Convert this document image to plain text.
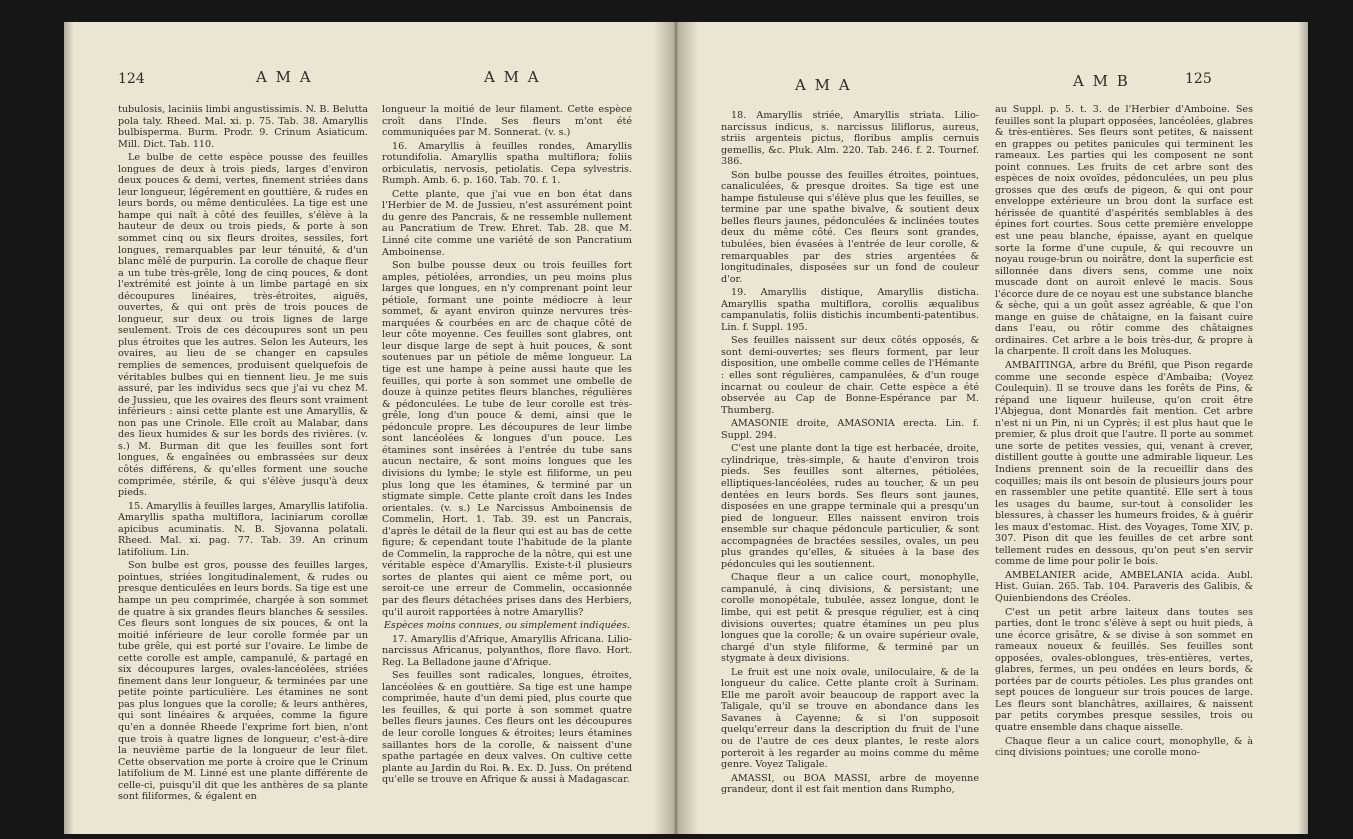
124	A M A	A M A

tubulosis, laciniis limbi angustissimis. N. B. Belutta pola taly. Rheed. Mal. xi. p. 75. Tab. 38. Amaryllis bulbisperma. Burm. Prodr. 9. Crinum Asiaticum. Mill. Dict. Tab. 110.

Le bulbe de cette espèce pousse des feuilles longues de deux à trois pieds, larges d'environ deux pouces & demi, vertes, finement striées dans leur longueur, légérement en gouttière, & rudes en leurs bords, ou même denticulées. La tige est une hampe qui naît à côté des feuilles, s'élève à la hauteur de deux ou trois pieds, & porte à son sommet cinq ou six fleurs droites, sessiles, fort longues, remarquables par leur ténuité, & d'un blanc mêlé de purpurin. La corolle de chaque fleur a un tube très-grêle, long de cinq pouces, & dont l'extrémité est jointe à un limbe partagé en six découpures linéaires, très-étroites, aiguës, ouvertes, & qui ont près de trois pouces de longueur, sur deux ou trois lignes de large seulement. Trois de ces découpures sont un peu plus étroites que les autres. Selon les Auteurs, les ovaires, au lieu de se changer en capsules remplies de semences, produisent quelquefois de véritables bulbes qui en tiennent lieu. Je me suis assuré, par les individus secs que j'ai vu chez M. de Jussieu, que les ovaires des fleurs sont vraiment inférieurs : ainsi cette plante est une Amaryllis, & non pas une Crinole. Elle croît au Malabar, dans des lieux humides & sur les bords des rivières. (v. s.) M. Burman dit que les feuilles sont fort longues, & engaînées ou embrassées sur deux côtés différens, & qu'elles forment une souche comprimée, stérile, & qui s'élève jusqu'à deux pieds.

15. Amaryllis à feuilles larges, Amaryllis latifolia. Amaryllis spatha multiflora, laciniarum corollæ apicibus acuminatis. N. B. Sjovanna polatali. Rheed. Mal. xi. pag. 77. Tab. 39. An crinum latifolium. Lin.

Son bulbe est gros, pousse des feuilles larges, pointues, striées longitudinalement, & rudes ou presque denticulées en leurs bords. Sa tige est une hampe un peu comprimée, chargée à son sommet de quatre à six grandes fleurs blanches & sessiles. Ces fleurs sont longues de six pouces, & ont la moitié inférieure de leur corolle formée par un tube grêle, qui est porté sur l'ovaire. Le limbe de cette corolle est ample, campanulé, & partagé en six découpures larges, ovales-lancéolées, striées finement dans leur longueur, & terminées par une petite pointe particulière. Les étamines ne sont pas plus longues que la corolle; & leurs anthères, qui sont linéaires & arquées, comme la figure qu'en a donnée Rheede l'exprime fort bien, n'ont que trois à quatre lignes de longueur, c'est-à-dire la neuvième partie de la longueur de leur filet. Cette observation me porte à croire que le Crinum latifolium de M. Linné est une plante différente de celle-ci, puisqu'il dit que les anthères de sa plante sont filiformes, & égalent en

longueur la moitié de leur filament. Cette espèce croît dans l'Inde. Ses fleurs m'ont été communiquées par M. Sonnerat. (v. s.)

16. Amaryllis à feuilles rondes, Amaryllis rotundifolia. Amaryllis spatha multiflora; foliis orbiculatis, nervosis, petiolatis. Cepa sylvestris. Rumph. Amb. 6. p. 160. Tab. 70. f. 1.

Cette plante, que j'ai vue en bon état dans l'Herbier de M. de Jussieu, n'est assurément point du genre des Pancrais, & ne ressemble nullement au Pancratium de Trew. Ehret. Tab. 28. que M. Linné cite comme une variété de son Pancratium Amboinense.

Son bulbe pousse deux ou trois feuilles fort amples, pétiolées, arrondies, un peu moins plus larges que longues, en n'y comprenant point leur pétiole, formant une pointe médiocre à leur sommet, & ayant environ quinze nervures très-marquées & courbées en arc de chaque côté de leur côte moyenne. Ces feuilles sont glabres, ont leur disque large de sept à huit pouces, & sont soutenues par un pétiole de même longueur. La tige est une hampe à peine aussi haute que les feuilles, qui porte à son sommet une ombelle de douze à quinze petites fleurs blanches, régulières & pédonculées. Le tube de leur corolle est très-grêle, long d'un pouce & demi, ainsi que le pédoncule propre. Les découpures de leur limbe sont lancéolées & longues d'un pouce. Les étamines sont insérées à l'entrée du tube sans aucun nectaire, & sont moins longues que les divisions du lymbe; le style est filiforme, un peu plus long que les étamines, & terminé par un stigmate simple. Cette plante croît dans les Indes orientales. (v. s.) Le Narcissus Amboinensis de Commelin, Hort. 1. Tab. 39. est un Pancrais, d'après le détail de la fleur qui est au bas de cette figure; & cependant toute l'habitude de la plante de Commelin, la rapproche de la nôtre, qui est une véritable espèce d'Amaryllis. Existe-t-il plusieurs sortes de plantes qui aient ce même port, ou seroit-ce une erreur de Commelin, occasionnée par des fleurs détachées prises dans des Herbiers, qu'il auroit rapportées à notre Amaryllis?

Espèces moins connues, ou simplement indiquées.

17. Amaryllis d'Afrique, Amaryllis Africana. Lilio-narcissus Africanus, polyanthos, flore flavo. Hort. Reg. La Belladone jaune d'Afrique.

Ses feuilles sont radicales, longues, étroites, lancéolées & en gouttière. Sa tige est une hampe comprimée, haute d'un demi pied, plus courte que les feuilles, & qui porte à son sommet quatre belles fleurs jaunes. Ces fleurs ont les découpures de leur corolle longues & étroites; leurs étamines saillantes hors de la corolle, & naissent d'une spathe partagée en deux valves. On cultive cette plante au Jardin du Roi. ℞. Ex. D. Juss. On prétend qu'elle se trouve en Afrique & aussi à Madagascar.

A M A	A M B	125

18. Amaryllis striée, Amaryllis striata. Lilio-narcissus indicus, s. narcissus liliflorus, aureus, striis argenteis pictus, floribus amplis cernuis gemellis, &c. Pluk. Alm. 220. Tab. 246. f. 2. Tournef. 386.

Son bulbe pousse des feuilles étroites, pointues, canaliculées, & presque droites. Sa tige est une hampe fistuleuse qui s'élève plus que les feuilles, se termine par une spathe bivalve, & soutient deux belles fleurs jaunes, pédonculées & inclinées toutes deux du même côté. Ces fleurs sont grandes, tubulées, bien évasées à l'entrée de leur corolle, & remarquables par des stries argentées & longitudinales, disposées sur un fond de couleur d'or.

19. Amaryllis distique, Amaryllis disticha. Amaryllis spatha multiflora, corollis æqualibus campanulatis, foliis distichis incumbenti-patentibus. Lin. f. Suppl. 195.

Ses feuilles naissent sur deux côtés opposés, & sont demi-ouvertes; ses fleurs forment, par leur disposition, une ombelle comme celles de l'Hémante : elles sont régulières, campanulées, & d'un rouge incarnat ou couleur de chair. Cette espèce a été observée au Cap de Bonne-Espérance par M. Thumberg.

AMASONIE droite, AMASONIA erecta. Lin. f. Suppl. 294.

C'est une plante dont la tige est herbacée, droite, cylindrique, très-simple, & haute d'environ trois pieds. Ses feuilles sont alternes, pétiolées, elliptiques-lancéolées, rudes au toucher, & un peu dentées en leurs bords. Ses fleurs sont jaunes, disposées en une grappe terminale qui a presqu'un pied de longueur. Elles naissent environ trois ensemble sur chaque pédoncule particulier, & sont accompagnées de bractées sessiles, ovales, un peu plus grandes qu'elles, & situées à la base des pédoncules qui les soutiennent.

Chaque fleur a un calice court, monophylle, campanulé, à cinq divisions, & persistant; une corolle monopétale, tubulée, assez longue, dont le limbe, qui est petit & presque régulier, est à cinq divisions ouvertes; quatre étamines un peu plus longues que la corolle; & un ovaire supérieur ovale, chargé d'un style filiforme, & terminé par un stygmate à deux divisions.

Le fruit est une noix ovale, uniloculaire, & de la longueur du calice. Cette plante croît à Surinam. Elle me paroît avoir beaucoup de rapport avec la Taligale, qu'il se trouve en abondance dans les Savanes à Cayenne; & si l'on supposoit quelqu'erreur dans la description du fruit de l'une ou de l'autre de ces deux plantes, le reste alors porteroit à les regarder au moins comme du même genre. Voyez Taligale.

AMASSI, ou BOA MASSI, arbre de moyenne grandeur, dont il est fait mention dans Rumpho,

au Suppl. p. 5. t. 3. de l'Herbier d'Amboine. Ses feuilles sont la plupart opposées, lancéolées, glabres & très-entières. Ses fleurs sont petites, & naissent en grappes ou petites panicules qui terminent les rameaux. Les parties qui les composent ne sont point connues. Les fruits de cet arbre sont des espèces de noix ovoïdes, pédonculées, un peu plus grosses que des œufs de pigeon, & qui ont pour enveloppe extérieure un brou dont la surface est hérissée de quantité d'aspérités semblables à des épines fort courtes. Sous cette première enveloppe est une peau blanche, épaisse, ayant en quelque sorte la forme d'une cupule, & qui recouvre un noyau rouge-brun ou noirâtre, dont la superficie est sillonnée dans divers sens, comme une noix muscade dont on auroit enlevé le macis. Sous l'écorce dure de ce noyau est une substance blanche & sèche, qui a un goût assez agréable, & que l'on mange en guise de châtaigne, en la faisant cuire dans l'eau, ou rôtir comme des châtaignes ordinaires. Cet arbre a le bois très-dur, & propre à la charpente. Il croît dans les Moluques.

AMBAITINGA, arbre du Bréfil, que Pison regarde comme une seconde espèce d'Ambaiba; (Voyez Coulequin). Il se trouve dans les forêts de Pins, & répand une liqueur huileuse, qu'on croit être l'Abjegua, dont Monardès fait mention. Cet arbre n'est ni un Pin, ni un Cyprès; il est plus haut que le premier, & plus droit que l'autre. Il porte au sommet une sorte de petites vessies, qui, venant à crever, distillent goutte à goutte une admirable liqueur. Les Indiens prennent soin de la recueillir dans des coquilles; mais ils ont besoin de plusieurs jours pour en rassembler une petite quantité. Elle sert à tous les usages du baume, sur-tout à consolider les blessures, à chasser les humeurs froides, & à guérir les maux d'estomac. Hist. des Voyages, Tome XIV, p. 307. Pison dit que les feuilles de cet arbre sont tellement rudes en dessous, qu'on peut s'en servir comme de lime pour polir le bois.

AMBELANIER acide, AMBELANIA acida. Aubl. Hist. Guian. 265. Tab. 104. Paraveris des Galibis, & Quienbiendons des Créoles.

C'est un petit arbre laiteux dans toutes ses parties, dont le tronc s'élève à sept ou huit pieds, à une écorce grisâtre, & se divise à son sommet en rameaux noueux & feuillés. Ses feuilles sont opposées, ovales-oblongues, très-entières, vertes, glabres, fermes, un peu ondées en leurs bords, & portées par de courts pétioles. Les plus grandes ont sept pouces de longueur sur trois pouces de large. Les fleurs sont blanchâtres, axillaires, & naissent par petits corymbes presque sessiles, trois ou quatre ensemble dans chaque aisselle.

Chaque fleur a un calice court, monophylle, & à cinq divisions pointues; une corolle mono-
